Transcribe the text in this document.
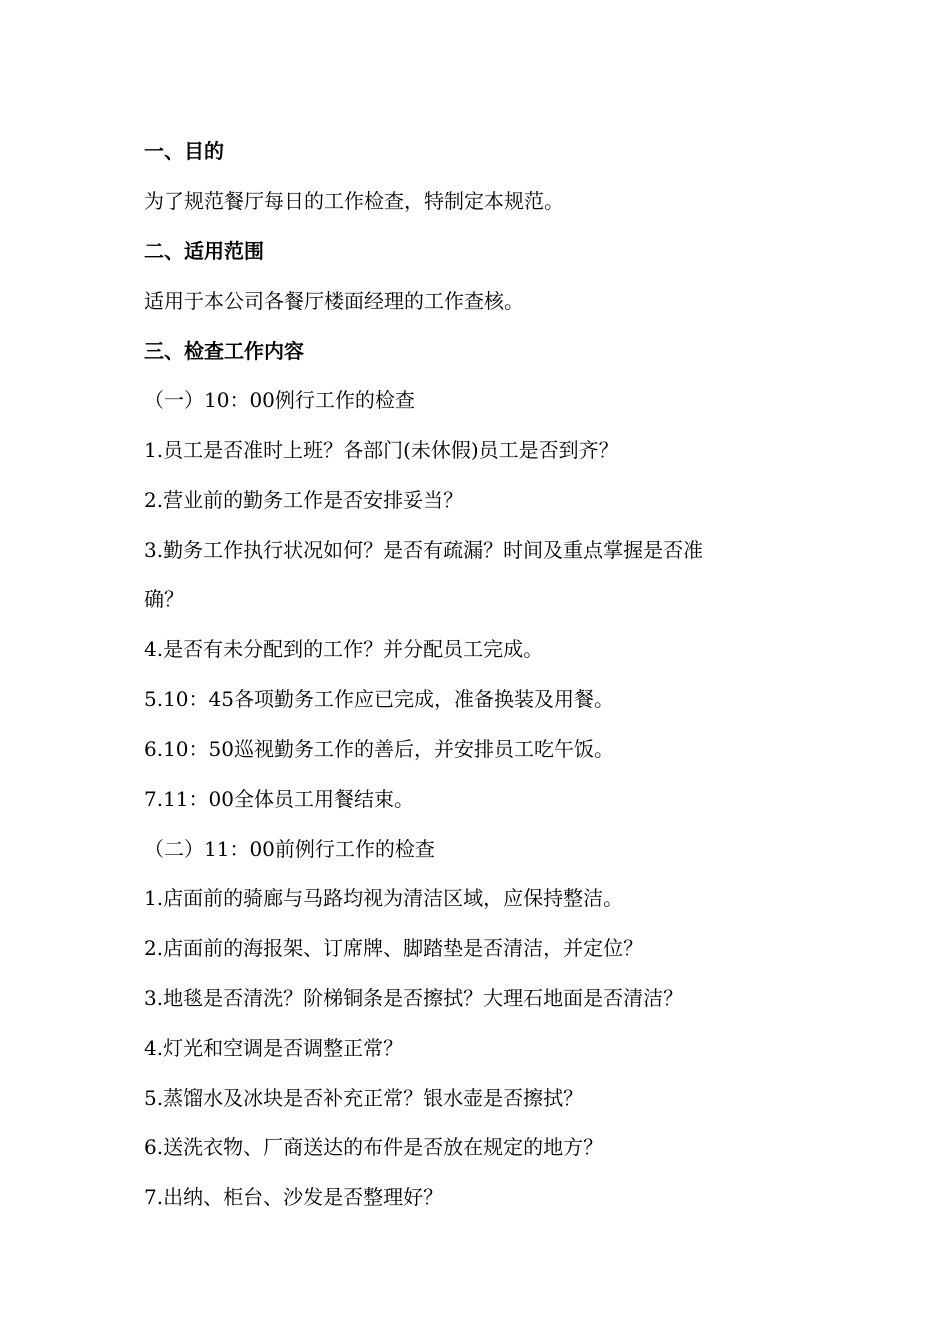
一、目的
为了规范餐厅每日的工作检查，特制定本规范。
二、适用范围
适用于本公司各餐厅楼面经理的工作查核。
三、检查工作内容
（一）10：00例行工作的检查
1.员工是否准时上班？各部门(未休假)员工是否到齐？
2.营业前的勤务工作是否安排妥当？
3.勤务工作执行状况如何？是否有疏漏？时间及重点掌握是否准
确？
4.是否有未分配到的工作？并分配员工完成。
5.10：45各项勤务工作应已完成，准备换装及用餐。
6.10：50巡视勤务工作的善后，并安排员工吃午饭。
7.11：00全体员工用餐结束。
（二）11：00前例行工作的检查
1.店面前的骑廊与马路均视为清洁区域，应保持整洁。
2.店面前的海报架、订席牌、脚踏垫是否清洁，并定位？
3.地毯是否清洗？阶梯铜条是否擦拭？大理石地面是否清洁？
4.灯光和空调是否调整正常？
5.蒸馏水及冰块是否补充正常？银水壶是否擦拭？
6.送洗衣物、厂商送达的布件是否放在规定的地方？
7.出纳、柜台、沙发是否整理好？
